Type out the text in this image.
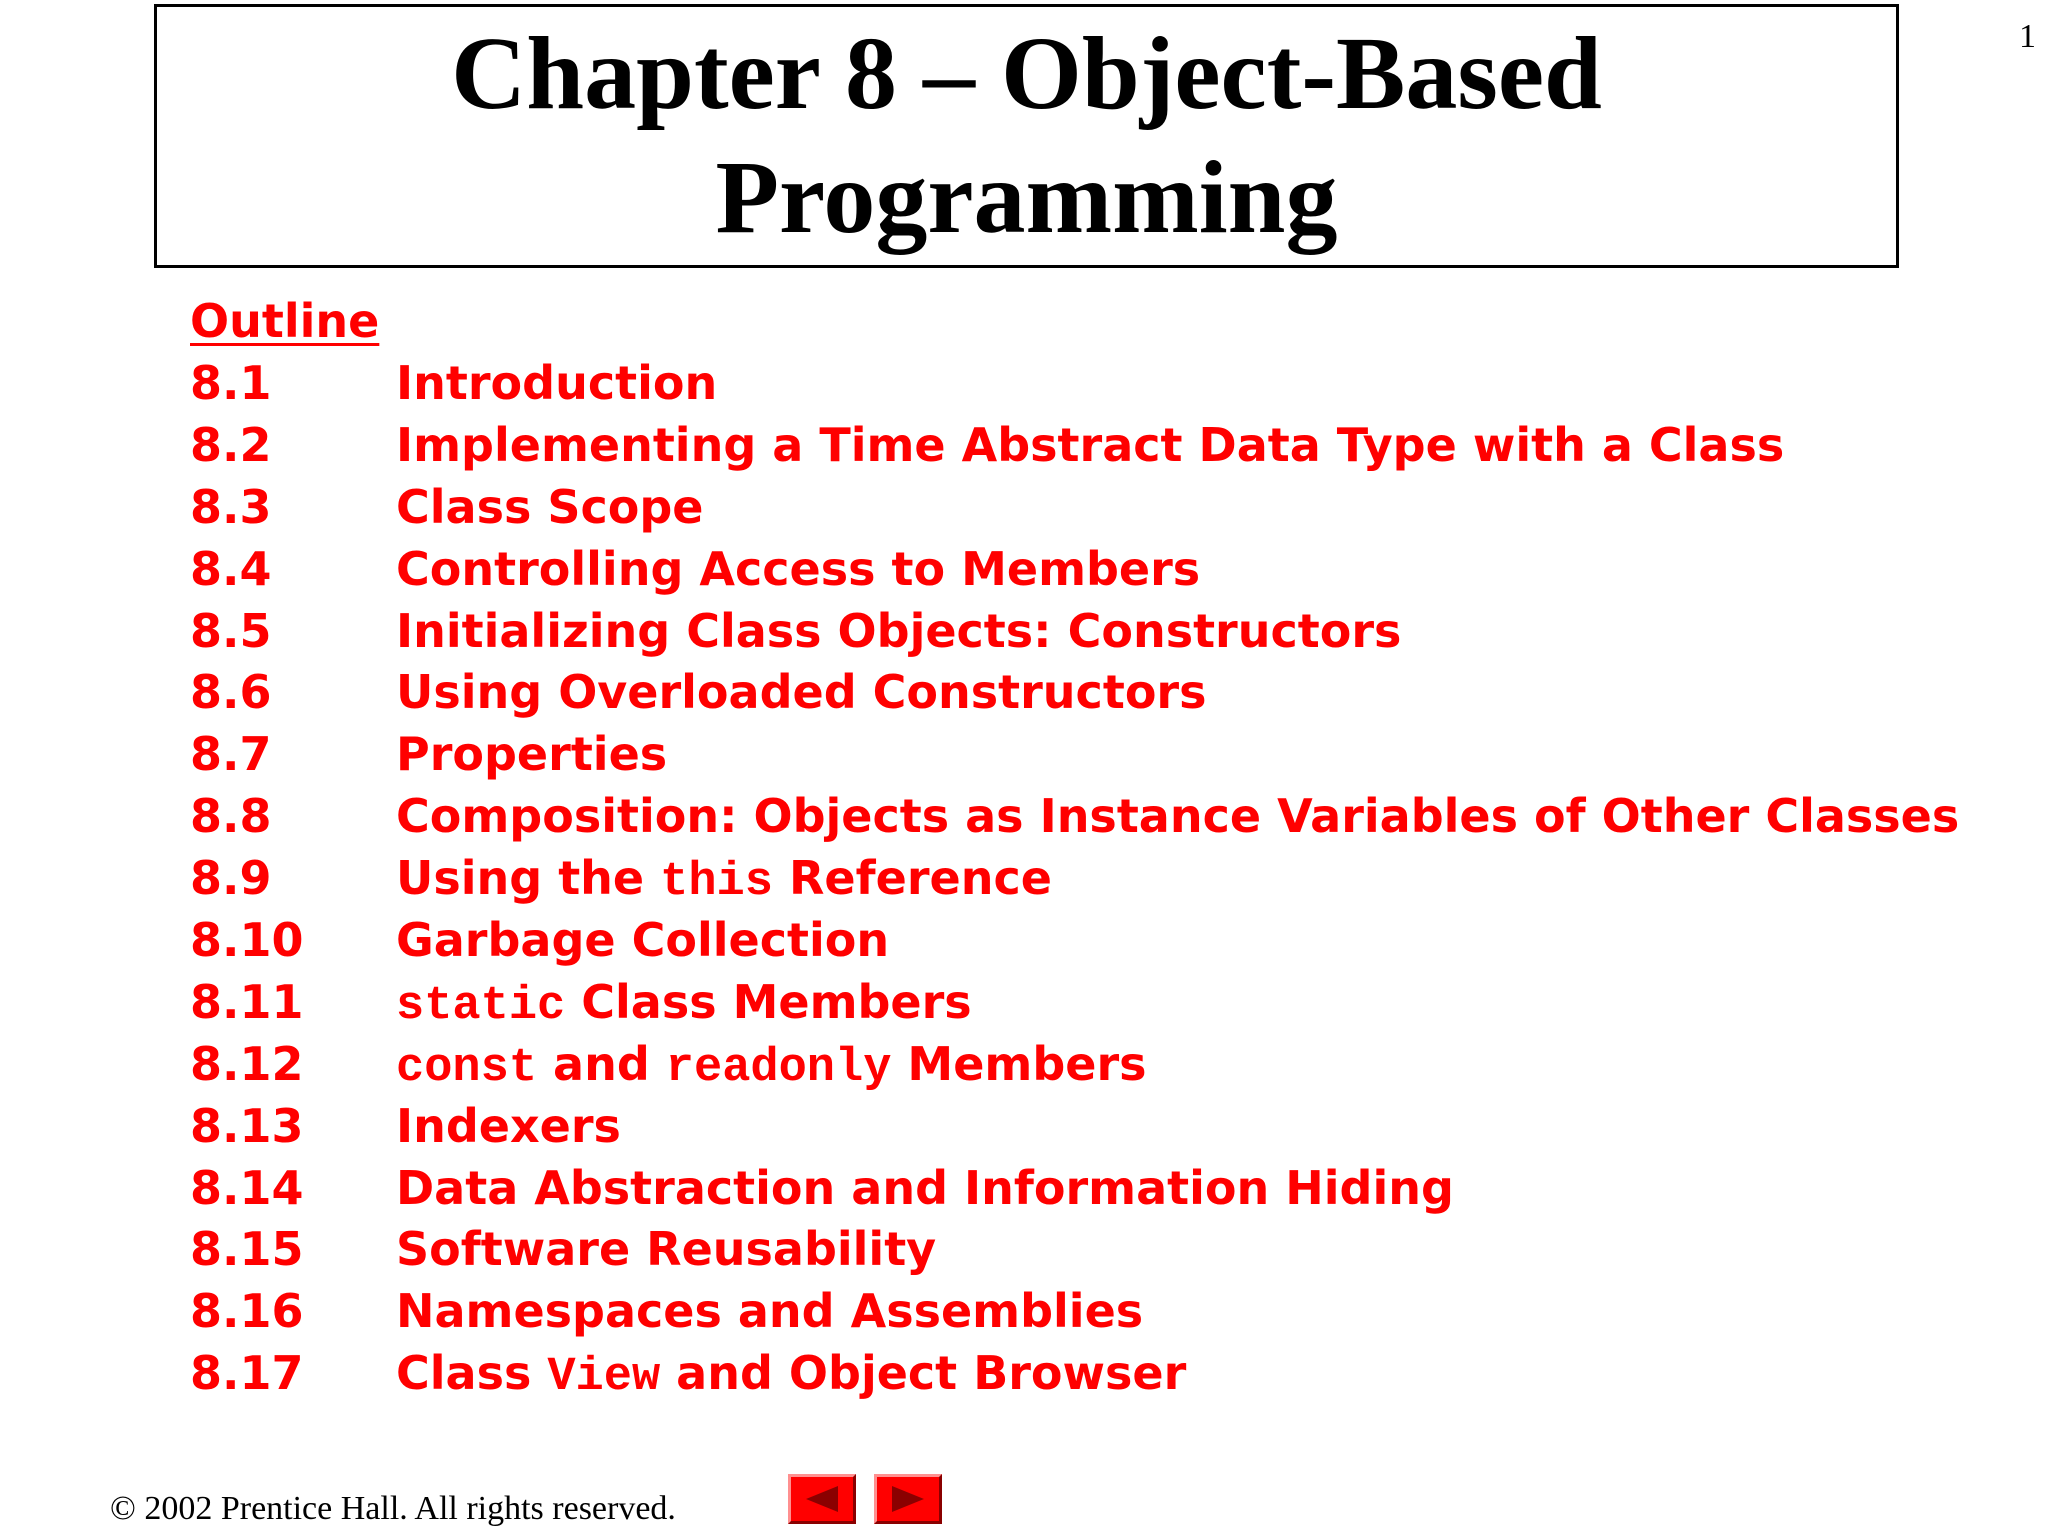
1
Chapter 8 – Object-Based
Programming
Outline
8.1	Introduction
8.2	Implementing a Time Abstract Data Type with a Class
8.3	Class Scope
8.4	Controlling Access to Members
8.5	Initializing Class Objects: Constructors
8.6	Using Overloaded Constructors
8.7	Properties
8.8	Composition: Objects as Instance Variables of Other Classes
8.9	Using the this Reference
8.10 Garbage Collection
8.11 static Class Members
8.12 const and readonly Members
8.13 Indexers
8.14 Data Abstraction and Information Hiding
8.15 Software Reusability
8.16 Namespaces and Assemblies
8.17 Class View and Object Browser
© 2002 Prentice Hall. All rights reserved.
